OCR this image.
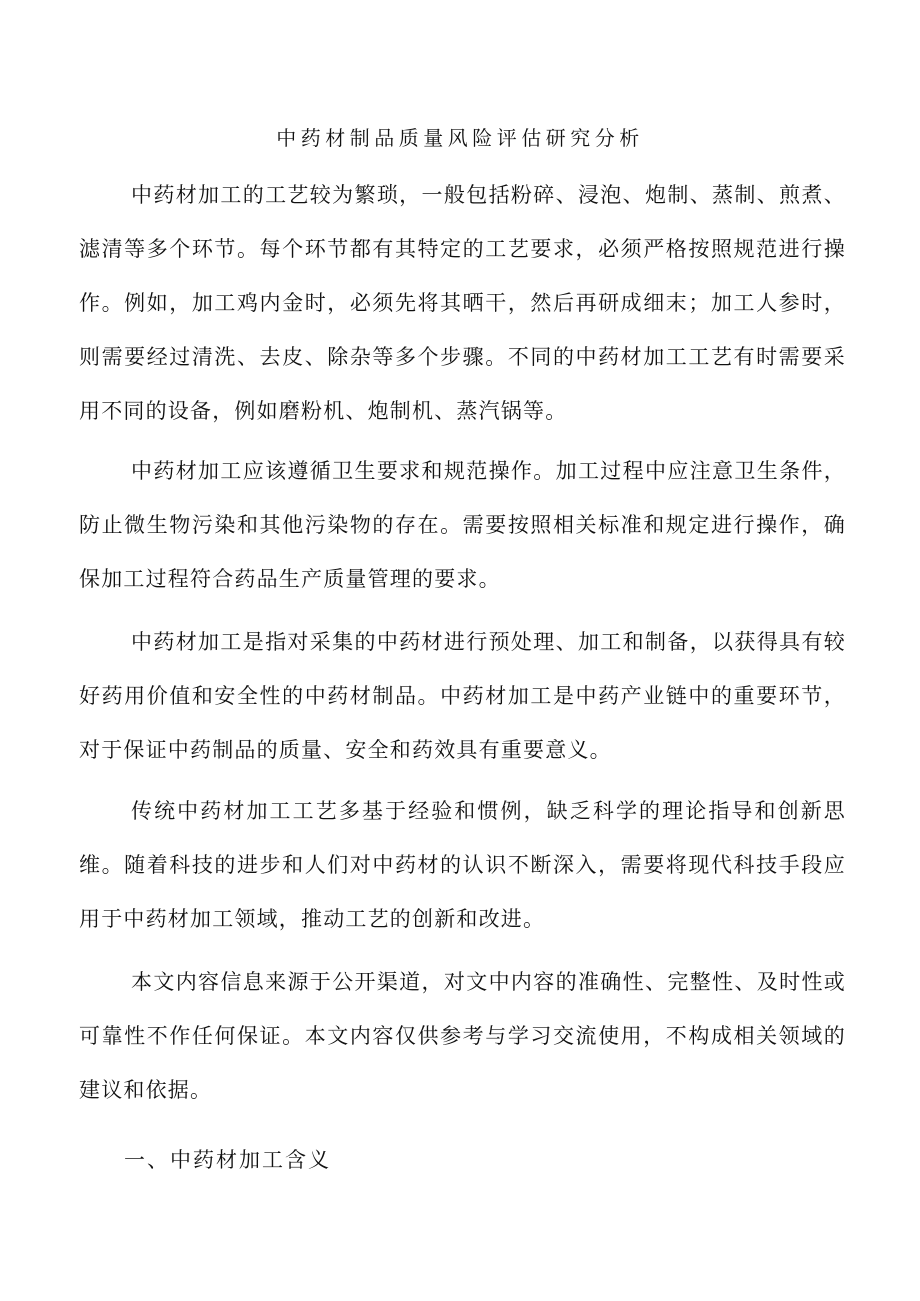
中药材制品质量风险评估研究分析

中药材加工的工艺较为繁琐，一般包括粉碎、浸泡、炮制、蒸制、煎煮、滤清等多个环节。每个环节都有其特定的工艺要求，必须严格按照规范进行操作。例如，加工鸡内金时，必须先将其晒干，然后再研成细末；加工人参时，则需要经过清洗、去皮、除杂等多个步骤。不同的中药材加工工艺有时需要采用不同的设备，例如磨粉机、炮制机、蒸汽锅等。

中药材加工应该遵循卫生要求和规范操作。加工过程中应注意卫生条件，防止微生物污染和其他污染物的存在。需要按照相关标准和规定进行操作，确保加工过程符合药品生产质量管理的要求。

中药材加工是指对采集的中药材进行预处理、加工和制备，以获得具有较好药用价值和安全性的中药材制品。中药材加工是中药产业链中的重要环节，对于保证中药制品的质量、安全和药效具有重要意义。

传统中药材加工工艺多基于经验和惯例，缺乏科学的理论指导和创新思维。随着科技的进步和人们对中药材的认识不断深入，需要将现代科技手段应用于中药材加工领域，推动工艺的创新和改进。

本文内容信息来源于公开渠道，对文中内容的准确性、完整性、及时性或可靠性不作任何保证。本文内容仅供参考与学习交流使用，不构成相关领域的建议和依据。

一、中药材加工含义
